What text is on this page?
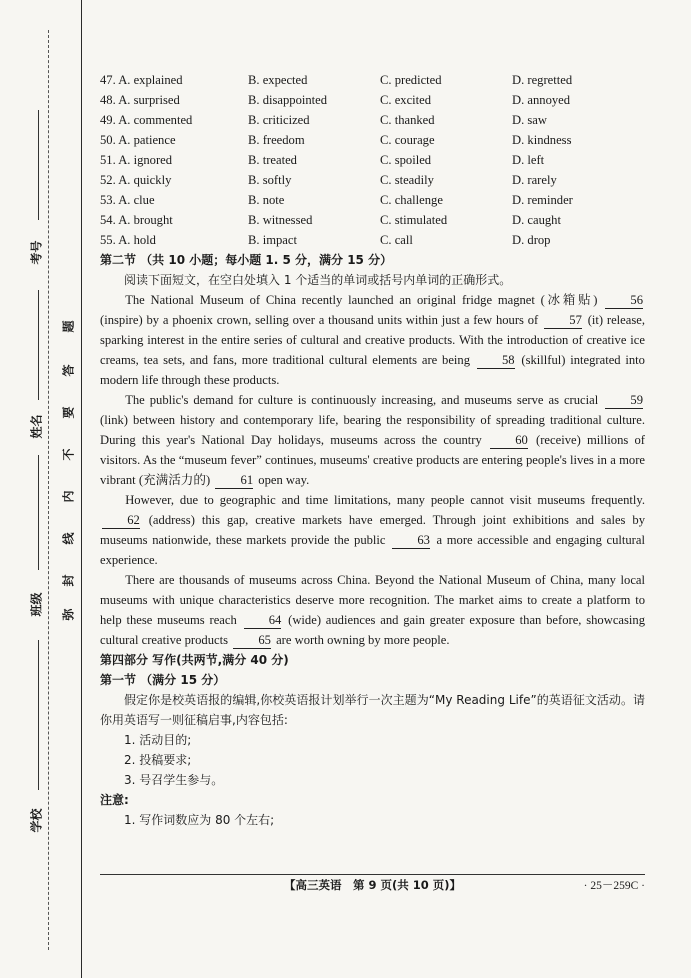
考号
姓名
班级
学校
题
答
要
不
内
线
封
弥
47. A. explained	B. expected	C. predicted	D. regretted
48. A. surprised	B. disappointed	C. excited	D. annoyed
49. A. commented	B. criticized	C. thanked	D. saw
50. A. patience	B. freedom	C. courage	D. kindness
51. A. ignored	B. treated	C. spoiled	D. left
52. A. quickly	B. softly	C. steadily	D. rarely
53. A. clue	B. note	C. challenge	D. reminder
54. A. brought	B. witnessed	C. stimulated	D. caught
55. A. hold	B. impact	C. call	D. drop
第二节 （共 10 小题；每小题 1. 5 分，满分 15 分）
阅读下面短文，在空白处填入 1 个适当的单词或括号内单词的正确形式。

The National Museum of China recently launched an original fridge magnet (冰箱贴)	56 (inspire) by a phoenix crown, selling over a thousand units within just a few hours of 57 (it) release, sparking interest in the entire series of cultural and creative products. With the introduction of creative ice creams, tea sets, and fans, more traditional cultural elements are being	58 (skillful) integrated into modern life through these products.

The public's demand for culture is continuously increasing, and museums serve as crucial	59 (link) between history and contemporary life, bearing the responsibility of spreading traditional culture. During this year's National Day holidays, museums across the country	60 (receive) millions of visitors. As the “museum fever” continues, museums' creative products are entering people's lives in a more vibrant (充满活力的) 61 open way.

However, due to geographic and time limitations, many people cannot visit museums frequently. 62 (address) this gap, creative markets have emerged. Through joint exhibitions and sales by museums nationwide, these markets provide the public	63 a more accessible and engaging cultural experience.

There are thousands of museums across China. Beyond the National Museum of China, many local museums with unique characteristics deserve more recognition. The market aims to create a platform to help these museums reach	64 (wide) audiences and gain greater exposure than before, showcasing cultural creative products 65 are worth owning by more people.

第四部分 写作(共两节,满分 40 分)
第一节 （满分 15 分）
假定你是校英语报的编辑,你校英语报计划举行一次主题为“My Reading Life”的英语征文活动。请你用英语写一则征稿启事,内容包括:
1. 活动目的;
2. 投稿要求;
3. 号召学生参与。
注意:
1. 写作词数应为 80 个左右;
【高三英语　第 9 页(共 10 页)】	· 25－259C ·
